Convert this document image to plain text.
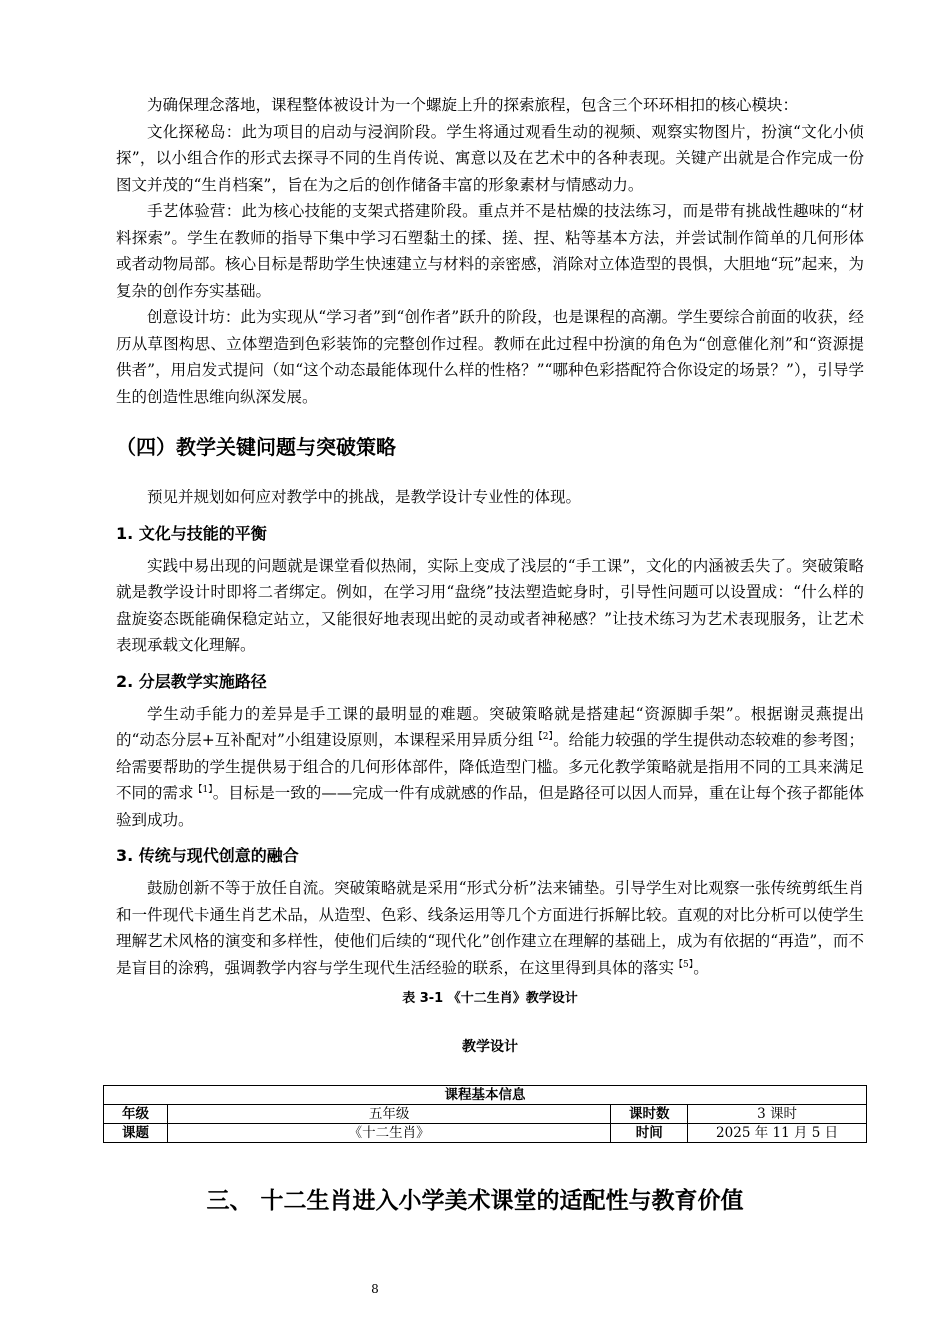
为确保理念落地，课程整体被设计为一个螺旋上升的探索旅程，包含三个环环相扣的核心模块：

文化探秘岛：此为项目的启动与浸润阶段。学生将通过观看生动的视频、观察实物图片，扮演“文化小侦探”，以小组合作的形式去探寻不同的生肖传说、寓意以及在艺术中的各种表现。关键产出就是合作完成一份图文并茂的“生肖档案”，旨在为之后的创作储备丰富的形象素材与情感动力。

手艺体验营：此为核心技能的支架式搭建阶段。重点并不是枯燥的技法练习，而是带有挑战性趣味的“材料探索”。学生在教师的指导下集中学习石塑黏土的揉、搓、捏、粘等基本方法，并尝试制作简单的几何形体或者动物局部。核心目标是帮助学生快速建立与材料的亲密感，消除对立体造型的畏惧，大胆地“玩”起来，为复杂的创作夯实基础。

创意设计坊：此为实现从“学习者”到“创作者”跃升的阶段，也是课程的高潮。学生要综合前面的收获，经历从草图构思、立体塑造到色彩装饰的完整创作过程。教师在此过程中扮演的角色为“创意催化剂”和“资源提供者”，用启发式提问（如“这个动态最能体现什么样的性格？”“哪种色彩搭配符合你设定的场景？”），引导学生的创造性思维向纵深发展。

（四）教学关键问题与突破策略

预见并规划如何应对教学中的挑战，是教学设计专业性的体现。

1. 文化与技能的平衡

实践中易出现的问题就是课堂看似热闹，实际上变成了浅层的“手工课”，文化的内涵被丢失了。突破策略就是教学设计时即将二者绑定。例如，在学习用“盘绕”技法塑造蛇身时，引导性问题可以设置成：“什么样的盘旋姿态既能确保稳定站立，又能很好地表现出蛇的灵动或者神秘感？”让技术练习为艺术表现服务，让艺术表现承载文化理解。

2. 分层教学实施路径

学生动手能力的差异是手工课的最明显的难题。突破策略就是搭建起“资源脚手架”。根据谢灵燕提出的“动态分层+互补配对”小组建设原则，本课程采用异质分组$^{【2】}$。给能力较强的学生提供动态较难的参考图；给需要帮助的学生提供易于组合的几何形体部件，降低造型门槛。多元化教学策略就是指用不同的工具来满足不同的需求$^{【1】}$。目标是一致的——完成一件有成就感的作品，但是路径可以因人而异，重在让每个孩子都能体验到成功。

3. 传统与现代创意的融合

鼓励创新不等于放任自流。突破策略就是采用“形式分析”法来铺垫。引导学生对比观察一张传统剪纸生肖和一件现代卡通生肖艺术品，从造型、色彩、线条运用等几个方面进行拆解比较。直观的对比分析可以使学生理解艺术风格的演变和多样性，使他们后续的“现代化”创作建立在理解的基础上，成为有依据的“再造”，而不是盲目的涂鸦，强调教学内容与学生现代生活经验的联系，在这里得到具体的落实$^{【5】}$。

表 3-1 《十二生肖》教学设计
教学设计
课程基本信息			
年级	五年级	课时数	3 课时
课题	《十二生肖》	时间	2025 年 11 月 5 日
三、 十二生肖进入小学美术课堂的适配性与教育价值
8
